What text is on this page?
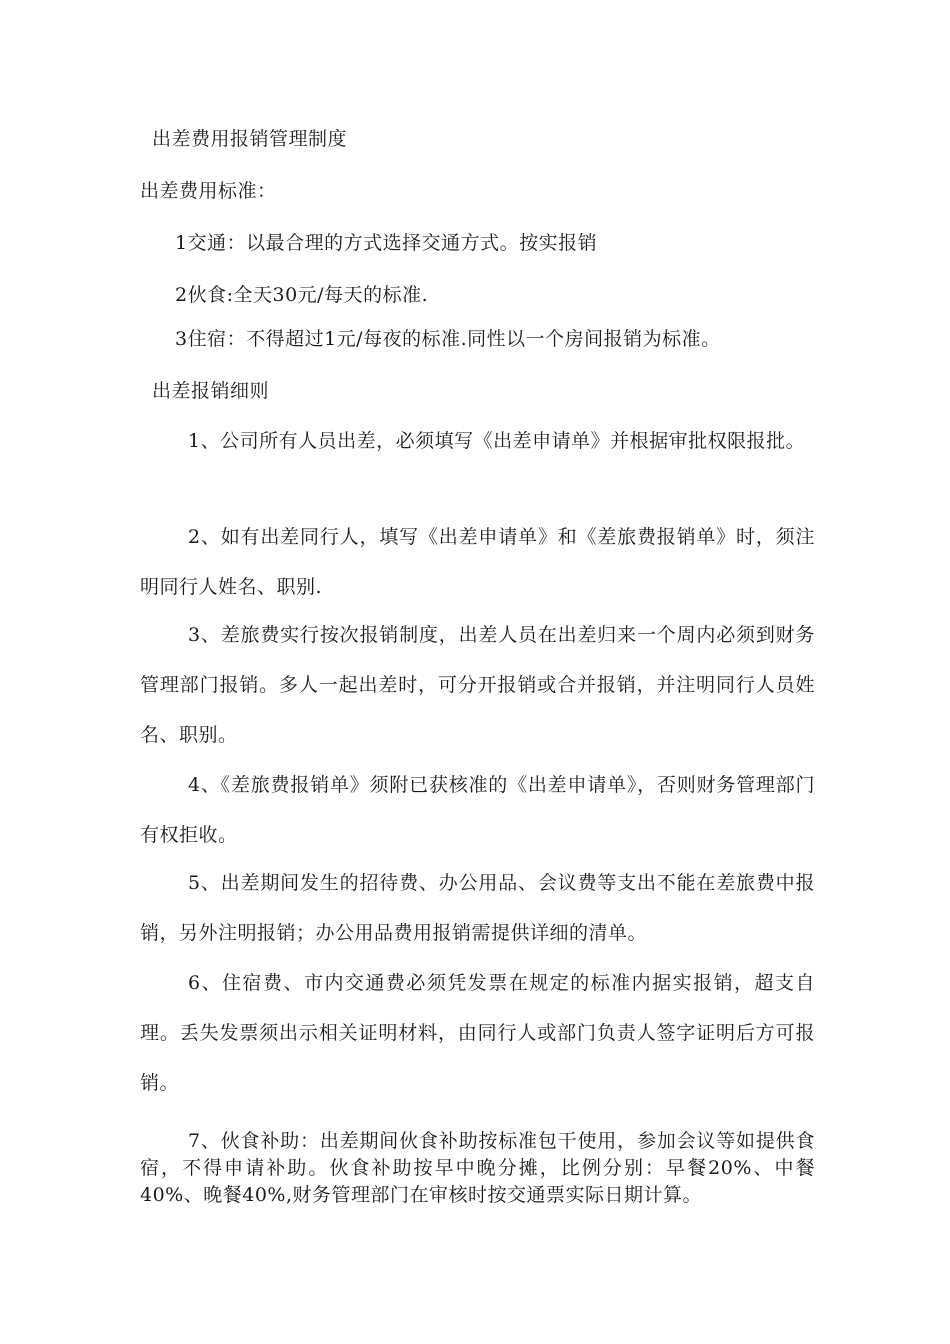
出差费用报销管理制度
出差费用标准：
1交通：以最合理的方式选择交通方式。按实报销
2伙食:全天30元/每天的标准.
3住宿：不得超过1元/每夜的标准.同性以一个房间报销为标准。
出差报销细则
1、公司所有人员出差，必须填写《出差申请单》并根据审批权限报批。
2、如有出差同行人，填写《出差申请单》和《差旅费报销单》时，须注明同行人姓名、职别.
3、差旅费实行按次报销制度，出差人员在出差归来一个周内必须到财务管理部门报销。多人一起出差时，可分开报销或合并报销，并注明同行人员姓名、职别。
4、《差旅费报销单》须附已获核准的《出差申请单》，否则财务管理部门有权拒收。
5、出差期间发生的招待费、办公用品、会议费等支出不能在差旅费中报销，另外注明报销；办公用品费用报销需提供详细的清单。
6、住宿费、市内交通费必须凭发票在规定的标准内据实报销，超支自理。丢失发票须出示相关证明材料，由同行人或部门负责人签字证明后方可报销。
7、伙食补助：出差期间伙食补助按标准包干使用，参加会议等如提供食宿，不得申请补助。伙食补助按早中晚分摊，比例分别：早餐20%、中餐40%、晚餐40%,财务管理部门在审核时按交通票实际日期计算。
